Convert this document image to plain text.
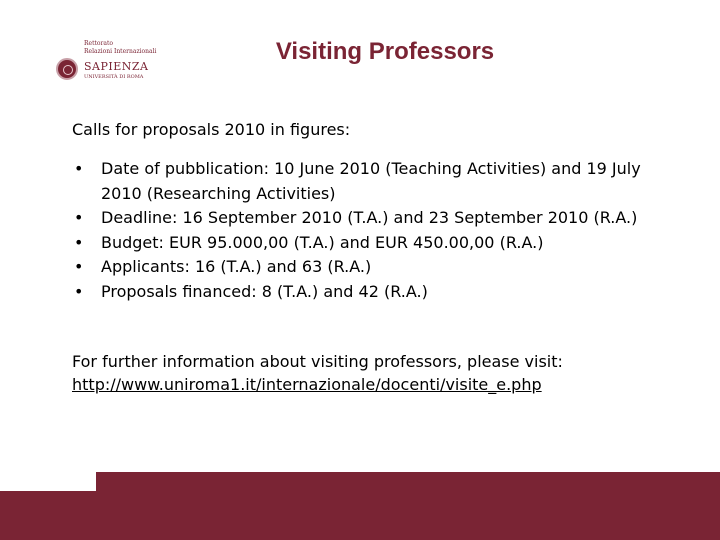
Rettorato
Relazioni Internazionali
SAPIENZA
UNIVERSITÀ DI ROMA
Visiting Professors
Calls for proposals 2010 in figures:
• Date of pubblication: 10 June 2010 (Teaching Activities) and 19 July 2010 (Researching Activities)
• Deadline: 16 September 2010 (T.A.) and 23 September 2010 (R.A.)
• Budget: EUR 95.000,00 (T.A.) and EUR 450.00,00 (R.A.)
• Applicants: 16 (T.A.) and 63 (R.A.)
• Proposals financed: 8 (T.A.) and 42 (R.A.)
For further information about visiting professors, please visit:
http://www.uniroma1.it/internazionale/docenti/visite_e.php
